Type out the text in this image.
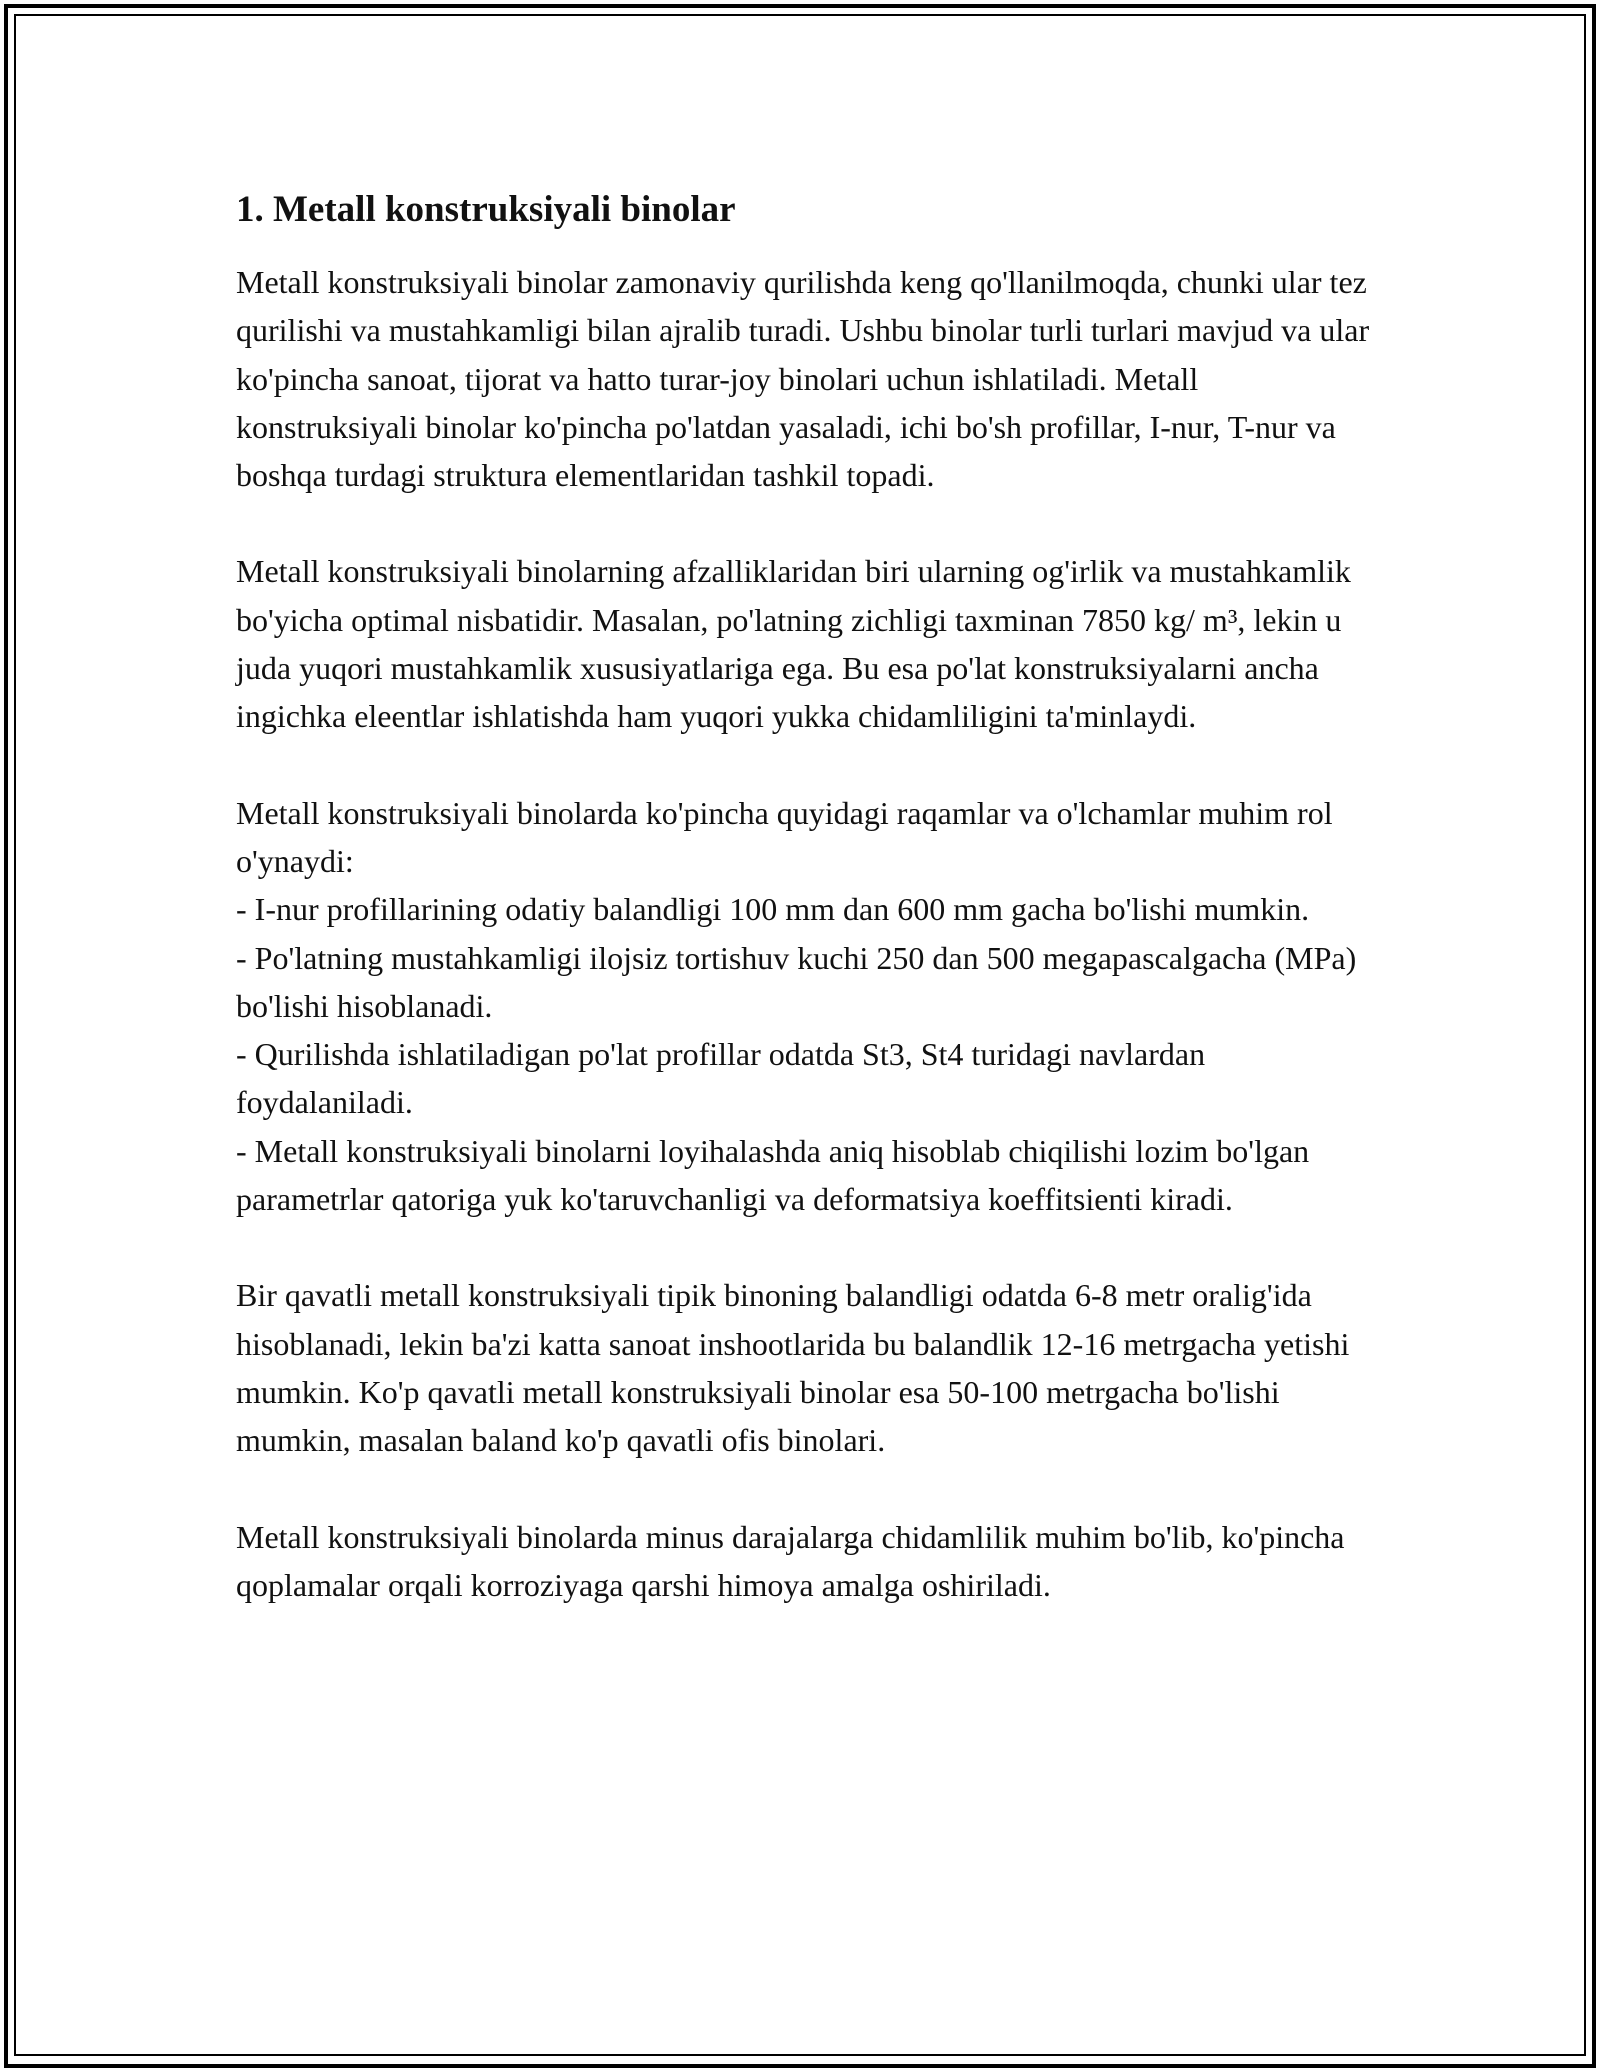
1. Metall konstruksiyali binolar

Metall konstruksiyali binolar zamonaviy qurilishda keng qo'llanilmoqda, chunki ular tez qurilishi va mustahkamligi bilan ajralib turadi. Ushbu binolar turli turlari mavjud va ular ko'pincha sanoat, tijorat va hatto turar-joy binolari uchun ishlatiladi. Metall konstruksiyali binolar ko'pincha po'latdan yasaladi, ichi bo'sh profillar, I-nur, T-nur va boshqa turdagi struktura elementlaridan tashkil topadi.

Metall konstruksiyali binolarning afzalliklaridan biri ularning og'irlik va mustahkamlik bo'yicha optimal nisbatidir. Masalan, po'latning zichligi taxminan 7850 kg/ m³, lekin u juda yuqori mustahkamlik xususiyatlariga ega. Bu esa po'lat konstruksiyalarni ancha ingichka eleentlar ishlatishda ham yuqori yukka chidamliligini ta'minlaydi.

Metall konstruksiyali binolarda ko'pincha quyidagi raqamlar va o'lchamlar muhim rol o'ynaydi:

- I-nur profillarining odatiy balandligi 100 mm dan 600 mm gacha bo'lishi mumkin.
- Po'latning mustahkamligi ilojsiz tortishuv kuchi 250 dan 500 megapascalgacha (MPa) bo'lishi hisoblanadi.
- Qurilishda ishlatiladigan po'lat profillar odatda St3, St4 turidagi navlardan foydalaniladi.
- Metall konstruksiyali binolarni loyihalashda aniq hisoblab chiqilishi lozim bo'lgan parametrlar qatoriga yuk ko'taruvchanligi va deformatsiya koeffitsienti kiradi.

Bir qavatli metall konstruksiyali tipik binoning balandligi odatda 6-8 metr oralig'ida hisoblanadi, lekin ba'zi katta sanoat inshootlarida bu balandlik 12-16 metrgacha yetishi mumkin. Ko'p qavatli metall konstruksiyali binolar esa 50-100 metrgacha bo'lishi mumkin, masalan baland ko'p qavatli ofis binolari.

Metall konstruksiyali binolarda minus darajalarga chidamlilik muhim bo'lib, ko'pincha qoplamalar orqali korroziyaga qarshi himoya amalga oshiriladi.
